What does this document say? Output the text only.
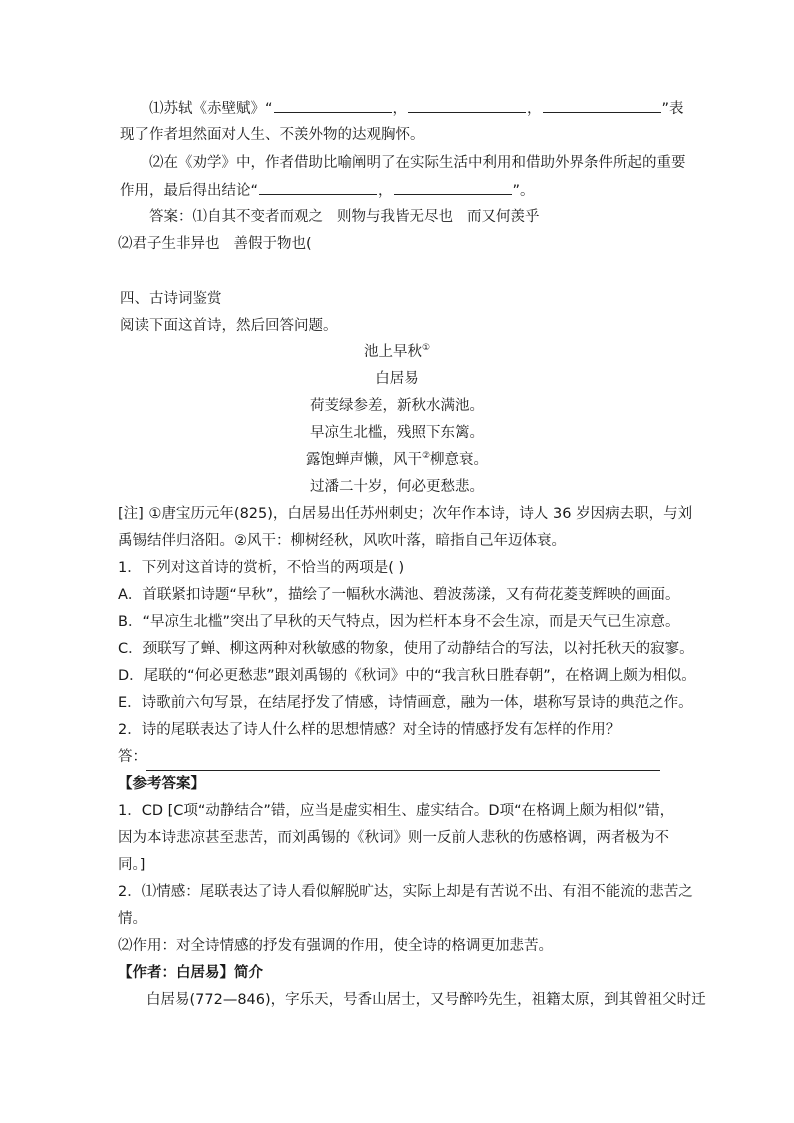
⑴苏轼《赤壁赋》“	，	，	”表
现了作者坦然面对人生、不羡外物的达观胸怀。
⑵在《劝学》中，作者借助比喻阐明了在实际生活中利用和借助外界条件所起的重要
作用，最后得出结论“	，	”。
答案：⑴自其不变者而观之 则物与我皆无尽也 而又何羡乎
⑵君子生非异也 善假于物也(
四、古诗词鉴赏
阅读下面这首诗，然后回答问题。
池上早秋①
白居易
荷芰绿参差，新秋水满池。
早凉生北槛，残照下东篱。
露饱蝉声懒，风干②柳意衰。
过潘二十岁，何必更愁悲。
[注] ①唐宝历元年(825)，白居易出任苏州刺史；次年作本诗，诗人 36 岁因病去职，与刘
禹锡结伴归洛阳。②风干：柳树经秋，风吹叶落，暗指自己年迈体衰。
1．下列对这首诗的赏析，不恰当的两项是( )
A．首联紧扣诗题“早秋”，描绘了一幅秋水满池、碧波荡漾，又有荷花菱芰辉映的画面。
B．“早凉生北槛”突出了早秋的天气特点，因为栏杆本身不会生凉，而是天气已生凉意。
C．颈联写了蝉、柳这两种对秋敏感的物象，使用了动静结合的写法，以衬托秋天的寂寥。
D．尾联的“何必更愁悲”跟刘禹锡的《秋词》中的“我言秋日胜春朝”，在格调上颇为相似。
E．诗歌前六句写景，在结尾抒发了情感，诗情画意，融为一体，堪称写景诗的典范之作。
2．诗的尾联表达了诗人什么样的思想情感？对全诗的情感抒发有怎样的作用？
答：
【参考答案】
1．CD [C项“动静结合”错，应当是虚实相生、虚实结合。D项“在格调上颇为相似”错，
因为本诗悲凉甚至悲苦，而刘禹锡的《秋词》则一反前人悲秋的伤感格调，两者极为不
同。]
2．⑴情感：尾联表达了诗人看似解脱旷达，实际上却是有苦说不出、有泪不能流的悲苦之
情。
⑵作用：对全诗情感的抒发有强调的作用，使全诗的格调更加悲苦。
【作者：白居易】简介
白居易(772—846)，字乐天，号香山居士，又号醉吟先生，祖籍太原，到其曾祖父时迁
